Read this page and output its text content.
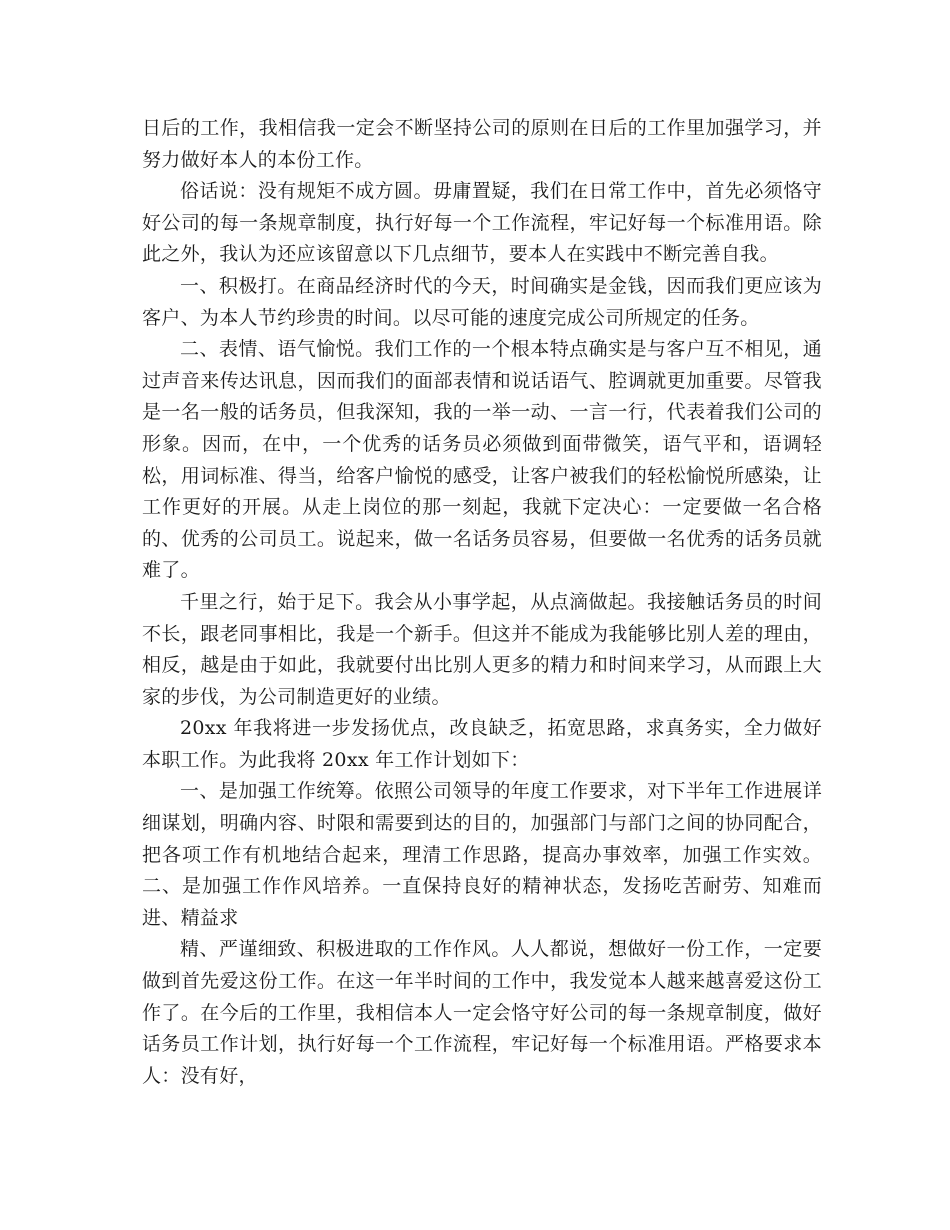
日后的工作，我相信我一定会不断坚持公司的原则在日后的工作里加强学习，并努力做好本人的本份工作。

俗话说：没有规矩不成方圆。毋庸置疑，我们在日常工作中，首先必须恪守好公司的每一条规章制度，执行好每一个工作流程，牢记好每一个标准用语。除此之外，我认为还应该留意以下几点细节，要本人在实践中不断完善自我。

一、积极打。在商品经济时代的今天，时间确实是金钱，因而我们更应该为客户、为本人节约珍贵的时间。以尽可能的速度完成公司所规定的任务。

二、表情、语气愉悦。我们工作的一个根本特点确实是与客户互不相见，通过声音来传达讯息，因而我们的面部表情和说话语气、腔调就更加重要。尽管我是一名一般的话务员，但我深知，我的一举一动、一言一行，代表着我们公司的形象。因而，在中，一个优秀的话务员必须做到面带微笑，语气平和，语调轻松，用词标准、得当，给客户愉悦的感受，让客户被我们的轻松愉悦所感染，让工作更好的开展。从走上岗位的那一刻起，我就下定决心：一定要做一名合格的、优秀的公司员工。说起来，做一名话务员容易，但要做一名优秀的话务员就难了。

千里之行，始于足下。我会从小事学起，从点滴做起。我接触话务员的时间不长，跟老同事相比，我是一个新手。但这并不能成为我能够比别人差的理由，相反，越是由于如此，我就要付出比别人更多的精力和时间来学习，从而跟上大家的步伐，为公司制造更好的业绩。

20xx 年我将进一步发扬优点，改良缺乏，拓宽思路，求真务实，全力做好本职工作。为此我将 20xx 年工作计划如下：

一、是加强工作统筹。依照公司领导的年度工作要求，对下半年工作进展详细谋划，明确内容、时限和需要到达的目的，加强部门与部门之间的协同配合，把各项工作有机地结合起来，理清工作思路，提高办事效率，加强工作实效。二、是加强工作作风培养。一直保持良好的精神状态，发扬吃苦耐劳、知难而进、精益求

精、严谨细致、积极进取的工作作风。人人都说，想做好一份工作，一定要做到首先爱这份工作。在这一年半时间的工作中，我发觉本人越来越喜爱这份工作了。在今后的工作里，我相信本人一定会恪守好公司的每一条规章制度，做好话务员工作计划，执行好每一个工作流程，牢记好每一个标准用语。严格要求本人：没有好，
